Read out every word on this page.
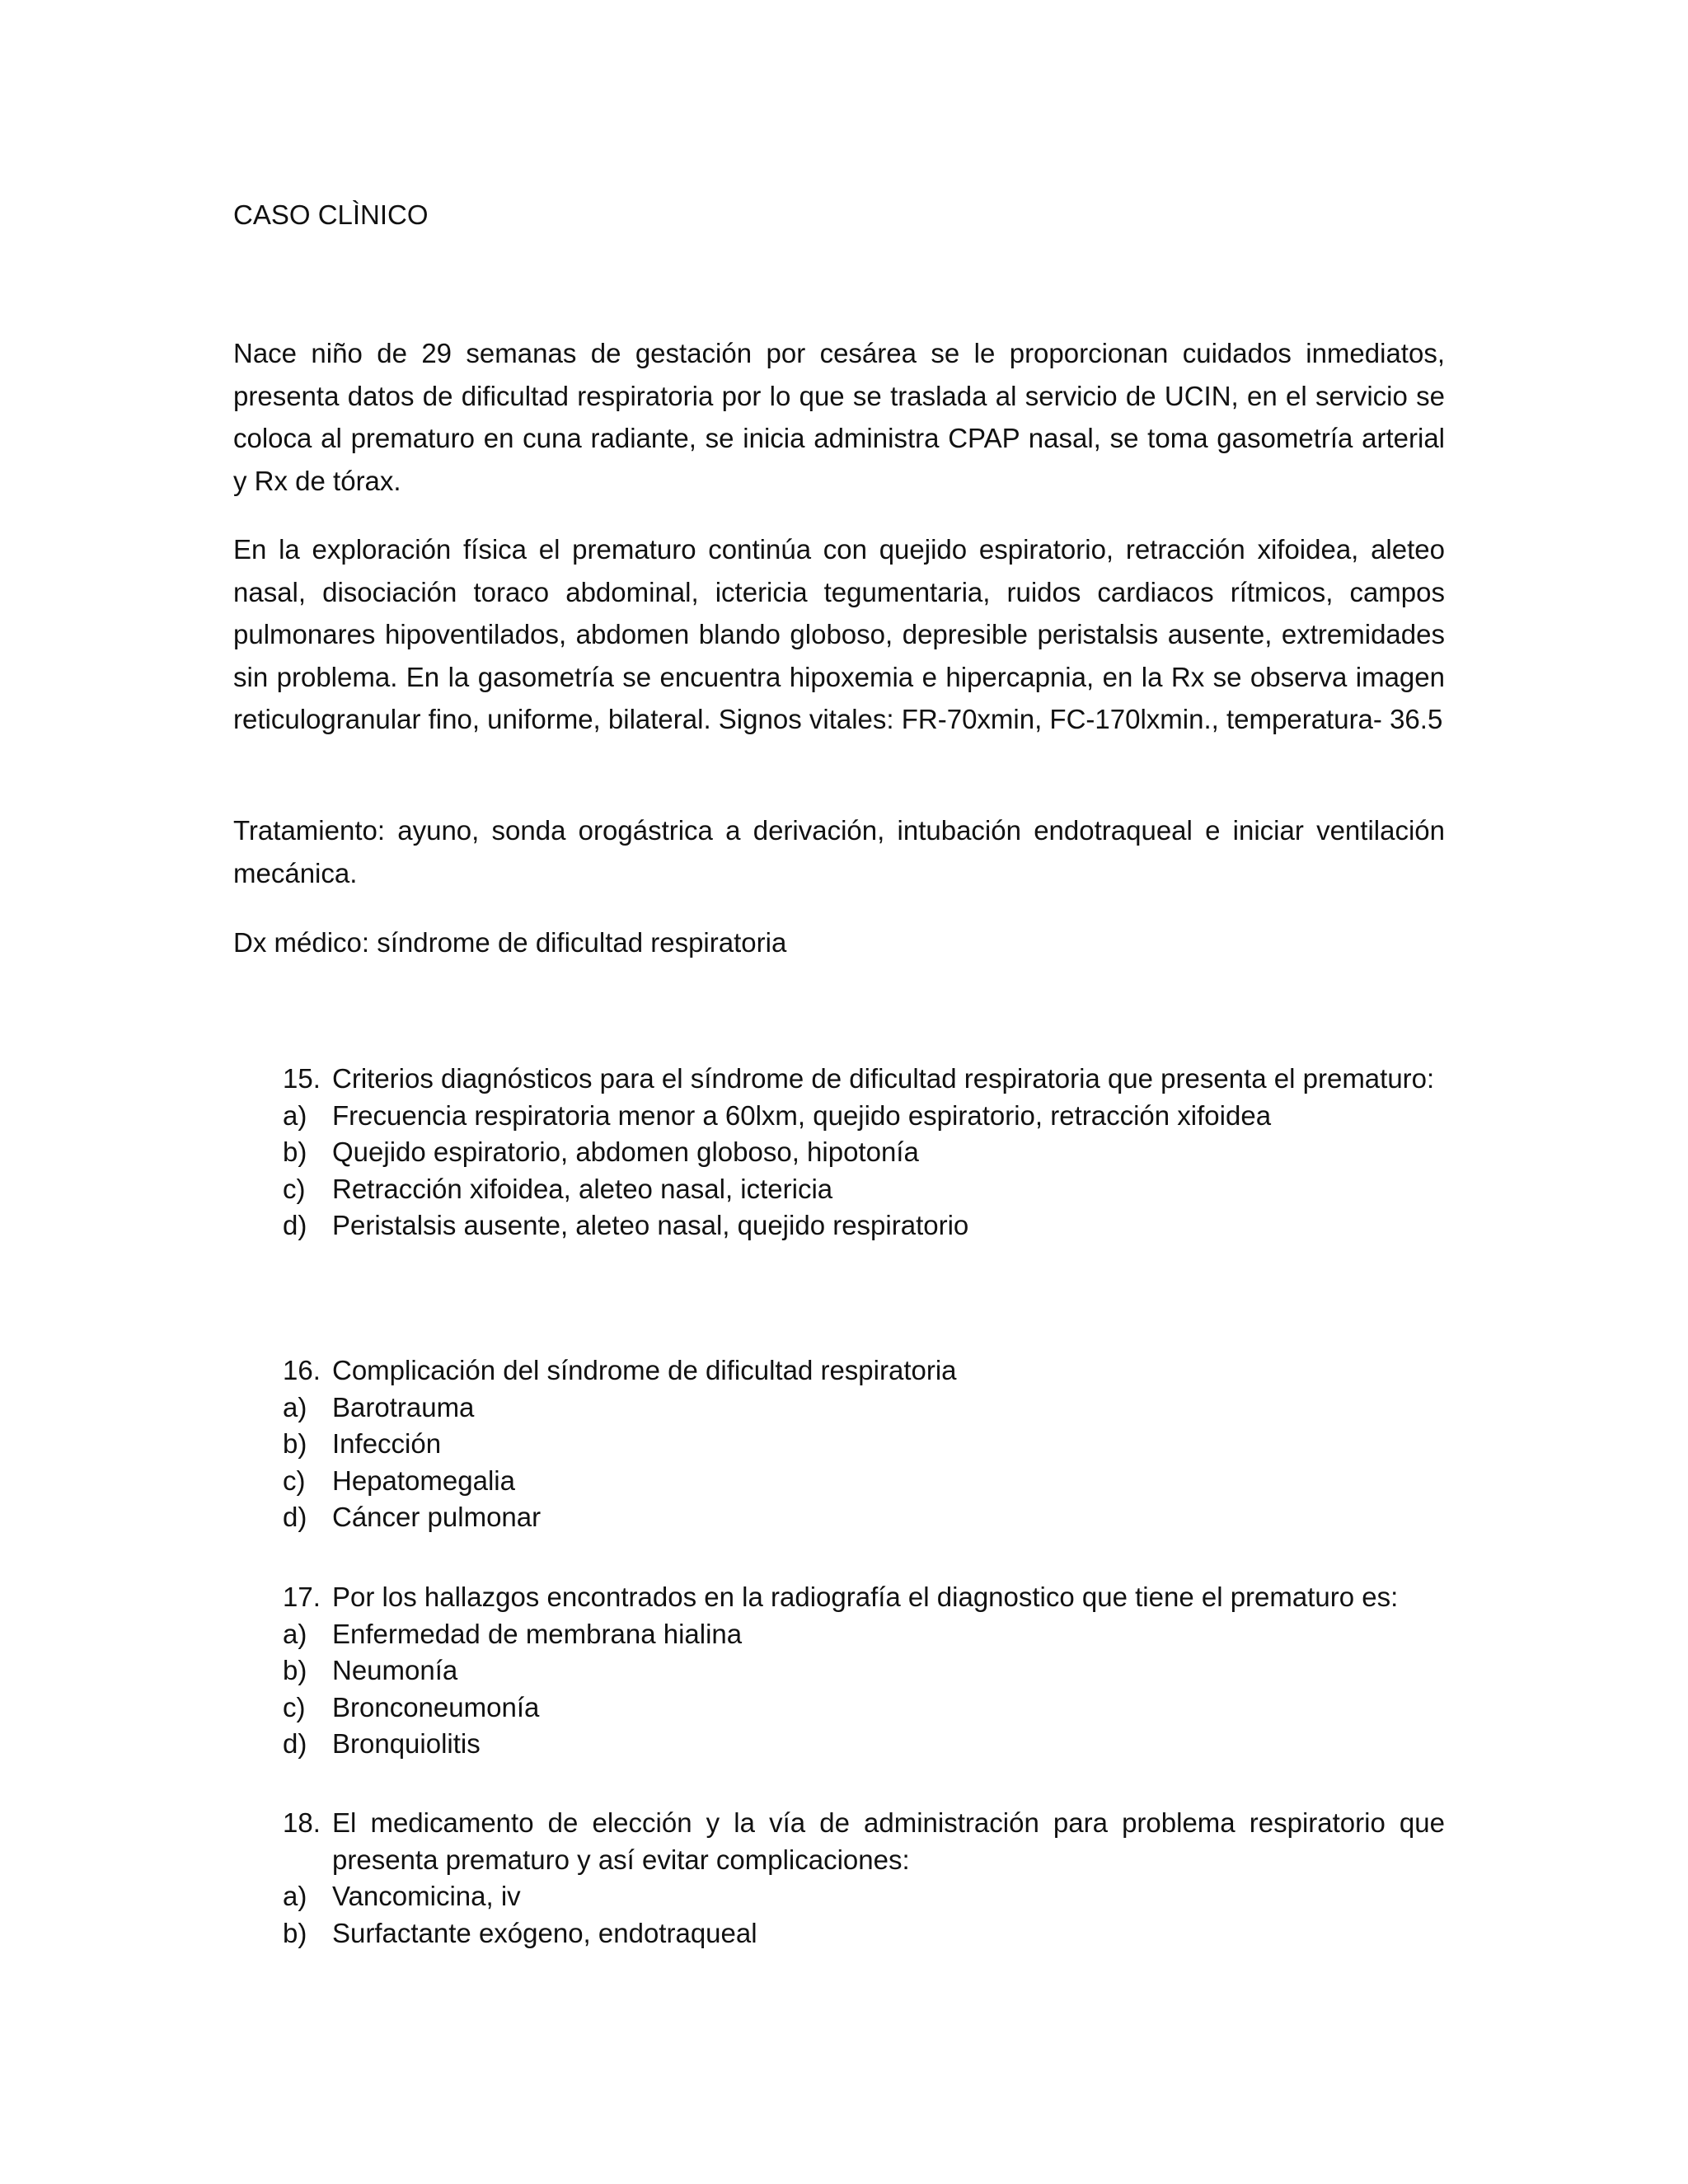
CASO CLÌNICO

Nace niño de 29 semanas de gestación por cesárea se le proporcionan cuidados inmediatos, presenta datos de dificultad respiratoria por lo que se traslada al servicio de UCIN, en el servicio se coloca al prematuro en cuna radiante, se inicia administra CPAP nasal, se toma gasometría arterial y Rx de tórax.

En la exploración física el prematuro continúa con quejido espiratorio, retracción xifoidea, aleteo nasal, disociación toraco abdominal, ictericia tegumentaria, ruidos cardiacos rítmicos, campos pulmonares hipoventilados, abdomen blando globoso, depresible peristalsis ausente, extremidades sin problema. En la gasometría se encuentra hipoxemia e hipercapnia, en la Rx se observa imagen reticulogranular fino, uniforme, bilateral. Signos vitales: FR-70xmin, FC-170lxmin., temperatura- 36.5

Tratamiento: ayuno, sonda orogástrica a derivación, intubación endotraqueal e iniciar ventilación mecánica.

Dx médico: síndrome de dificultad respiratoria

15. Criterios diagnósticos para el síndrome de dificultad respiratoria que presenta el prematuro:
a) Frecuencia respiratoria menor a 60lxm, quejido espiratorio, retracción xifoidea
b) Quejido espiratorio, abdomen globoso, hipotonía
c) Retracción xifoidea, aleteo nasal, ictericia
d) Peristalsis ausente, aleteo nasal, quejido respiratorio
16. Complicación del síndrome de dificultad respiratoria
a) Barotrauma
b) Infección
c) Hepatomegalia
d) Cáncer pulmonar
17. Por los hallazgos encontrados en la radiografía el diagnostico que tiene el prematuro es:
a) Enfermedad de membrana hialina
b) Neumonía
c) Bronconeumonía
d) Bronquiolitis
18. El medicamento de elección y la vía de administración para problema respiratorio que presenta prematuro y así evitar complicaciones:
a) Vancomicina, iv
b) Surfactante exógeno, endotraqueal
